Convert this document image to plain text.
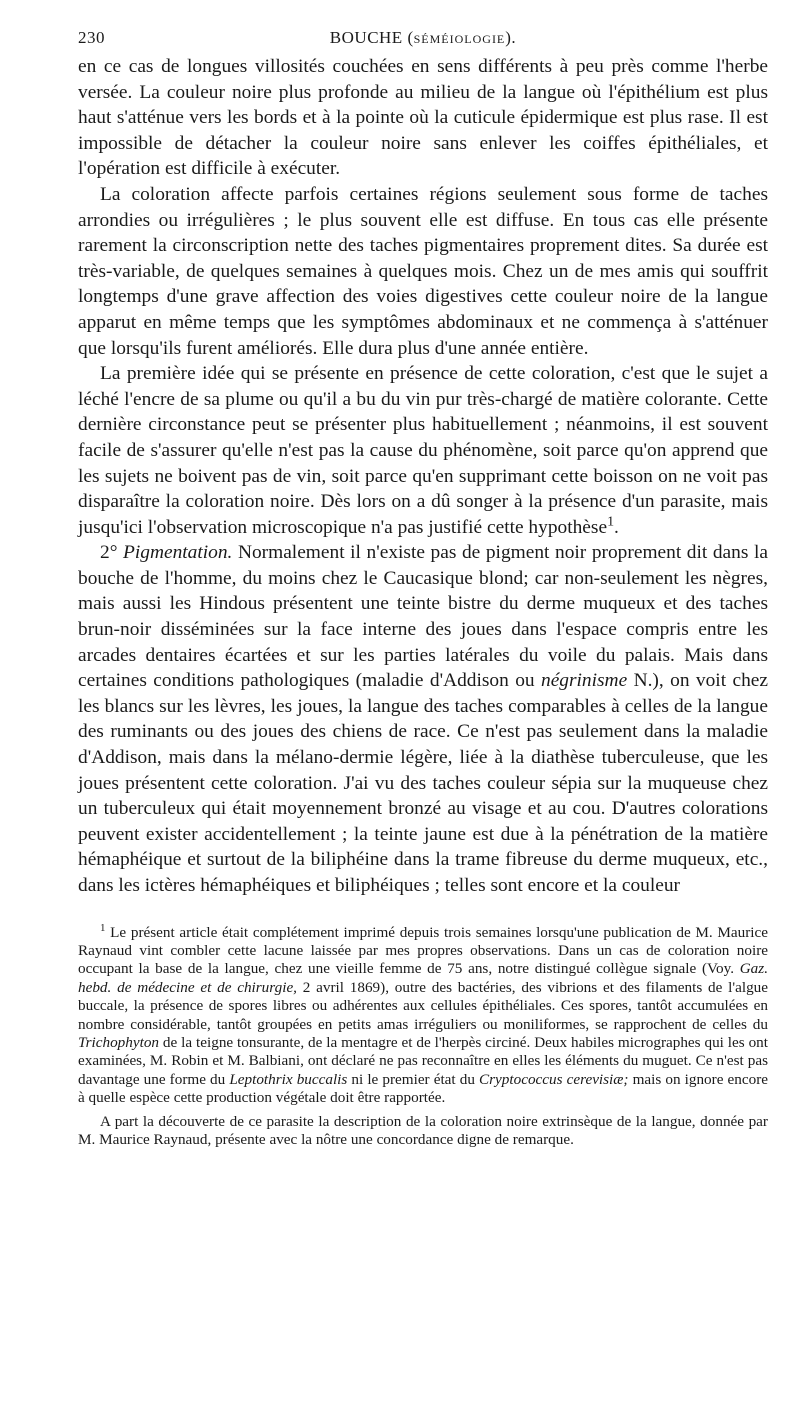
230	BOUCHE (SÉMÉIOLOGIE).

en ce cas de longues villosités couchées en sens différents à peu près comme l'herbe versée. La couleur noire plus profonde au milieu de la langue où l'épithélium est plus haut s'atténue vers les bords et à la pointe où la cuticule épidermique est plus rase. Il est impossible de détacher la couleur noire sans enlever les coiffes épithéliales, et l'opération est difficile à exécuter.

La coloration affecte parfois certaines régions seulement sous forme de taches arrondies ou irrégulières ; le plus souvent elle est diffuse. En tous cas elle présente rarement la circonscription nette des taches pigmentaires proprement dites. Sa durée est très-variable, de quelques semaines à quelques mois. Chez un de mes amis qui souffrit longtemps d'une grave affection des voies digestives cette couleur noire de la langue apparut en même temps que les symptômes abdominaux et ne commença à s'atténuer que lorsqu'ils furent améliorés. Elle dura plus d'une année entière.

La première idée qui se présente en présence de cette coloration, c'est que le sujet a léché l'encre de sa plume ou qu'il a bu du vin pur très-chargé de matière colorante. Cette dernière circonstance peut se présenter plus habituellement ; néanmoins, il est souvent facile de s'assurer qu'elle n'est pas la cause du phénomène, soit parce qu'on apprend que les sujets ne boivent pas de vin, soit parce qu'en supprimant cette boisson on ne voit pas disparaître la coloration noire. Dès lors on a dû songer à la présence d'un parasite, mais jusqu'ici l'observation microscopique n'a pas justifié cette hypothèse$^1$.

2° Pigmentation. Normalement il n'existe pas de pigment noir proprement dit dans la bouche de l'homme, du moins chez le Caucasique blond; car non-seulement les nègres, mais aussi les Hindous présentent une teinte bistre du derme muqueux et des taches brun-noir disséminées sur la face interne des joues dans l'espace compris entre les arcades dentaires écartées et sur les parties latérales du voile du palais. Mais dans certaines conditions pathologiques (maladie d'Addison ou négrinisme N.), on voit chez les blancs sur les lèvres, les joues, la langue des taches comparables à celles de la langue des ruminants ou des joues des chiens de race. Ce n'est pas seulement dans la maladie d'Addison, mais dans la mélano-dermie légère, liée à la diathèse tuberculeuse, que les joues présentent cette coloration. J'ai vu des taches couleur sépia sur la muqueuse chez un tuberculeux qui était moyennement bronzé au visage et au cou. D'autres colorations peuvent exister accidentellement ; la teinte jaune est due à la pénétration de la matière hémaphéique et surtout de la biliphéine dans la trame fibreuse du derme muqueux, etc., dans les ictères hémaphéiques et biliphéiques ; telles sont encore et la couleur

$^1$ Le présent article était complétement imprimé depuis trois semaines lorsqu'une publication de M. Maurice Raynaud vint combler cette lacune laissée par mes propres observations. Dans un cas de coloration noire occupant la base de la langue, chez une vieille femme de 75 ans, notre distingué collègue signale (Voy. Gaz. hebd. de médecine et de chirurgie, 2 avril 1869), outre des bactéries, des vibrions et des filaments de l'algue buccale, la présence de spores libres ou adhérentes aux cellules épithéliales. Ces spores, tantôt accumulées en nombre considérable, tantôt groupées en petits amas irréguliers ou moniliformes, se rapprochent de celles du Trichophyton de la teigne tonsurante, de la mentagre et de l'herpès circiné. Deux habiles micrographes qui les ont examinées, M. Robin et M. Balbiani, ont déclaré ne pas reconnaître en elles les éléments du muguet. Ce n'est pas davantage une forme du Leptothrix buccalis ni le premier état du Cryptococcus cerevisiæ; mais on ignore encore à quelle espèce cette production végétale doit être rapportée.

A part la découverte de ce parasite la description de la coloration noire extrinsèque de la langue, donnée par M. Maurice Raynaud, présente avec la nôtre une concordance digne de remarque.
